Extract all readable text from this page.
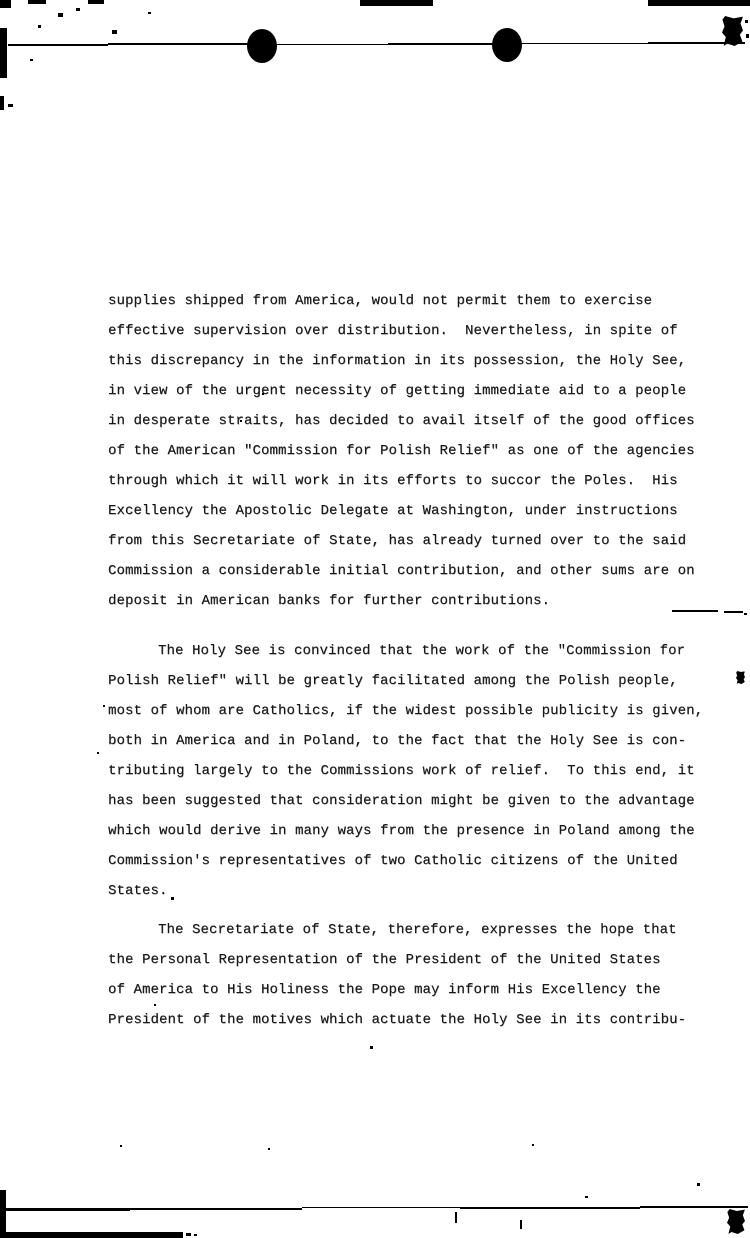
supplies shipped from America, would not permit them to exercise
effective supervision over distribution.  Nevertheless, in spite of
this discrepancy in the information in its possession, the Holy See,
in view of the urgent necessity of getting immediate aid to a people
in desperate straits, has decided to avail itself of the good offices
of the American "Commission for Polish Relief" as one of the agencies
through which it will work in its efforts to succor the Poles.  His
Excellency the Apostolic Delegate at Washington, under instructions
from this Secretariate of State, has already turned over to the said
Commission a considerable initial contribution, and other sums are on
deposit in American banks for further contributions.
The Holy See is convinced that the work of the "Commission for
Polish Relief" will be greatly facilitated among the Polish people,
most of whom are Catholics, if the widest possible publicity is given,
both in America and in Poland, to the fact that the Holy See is con-
tributing largely to the Commissions work of relief.  To this end, it
has been suggested that consideration might be given to the advantage
which would derive in many ways from the presence in Poland among the
Commission's representatives of two Catholic citizens of the United
States.
The Secretariate of State, therefore, expresses the hope that
the Personal Representation of the President of the United States
of America to His Holiness the Pope may inform His Excellency the
President of the motives which actuate the Holy See in its contribu-
